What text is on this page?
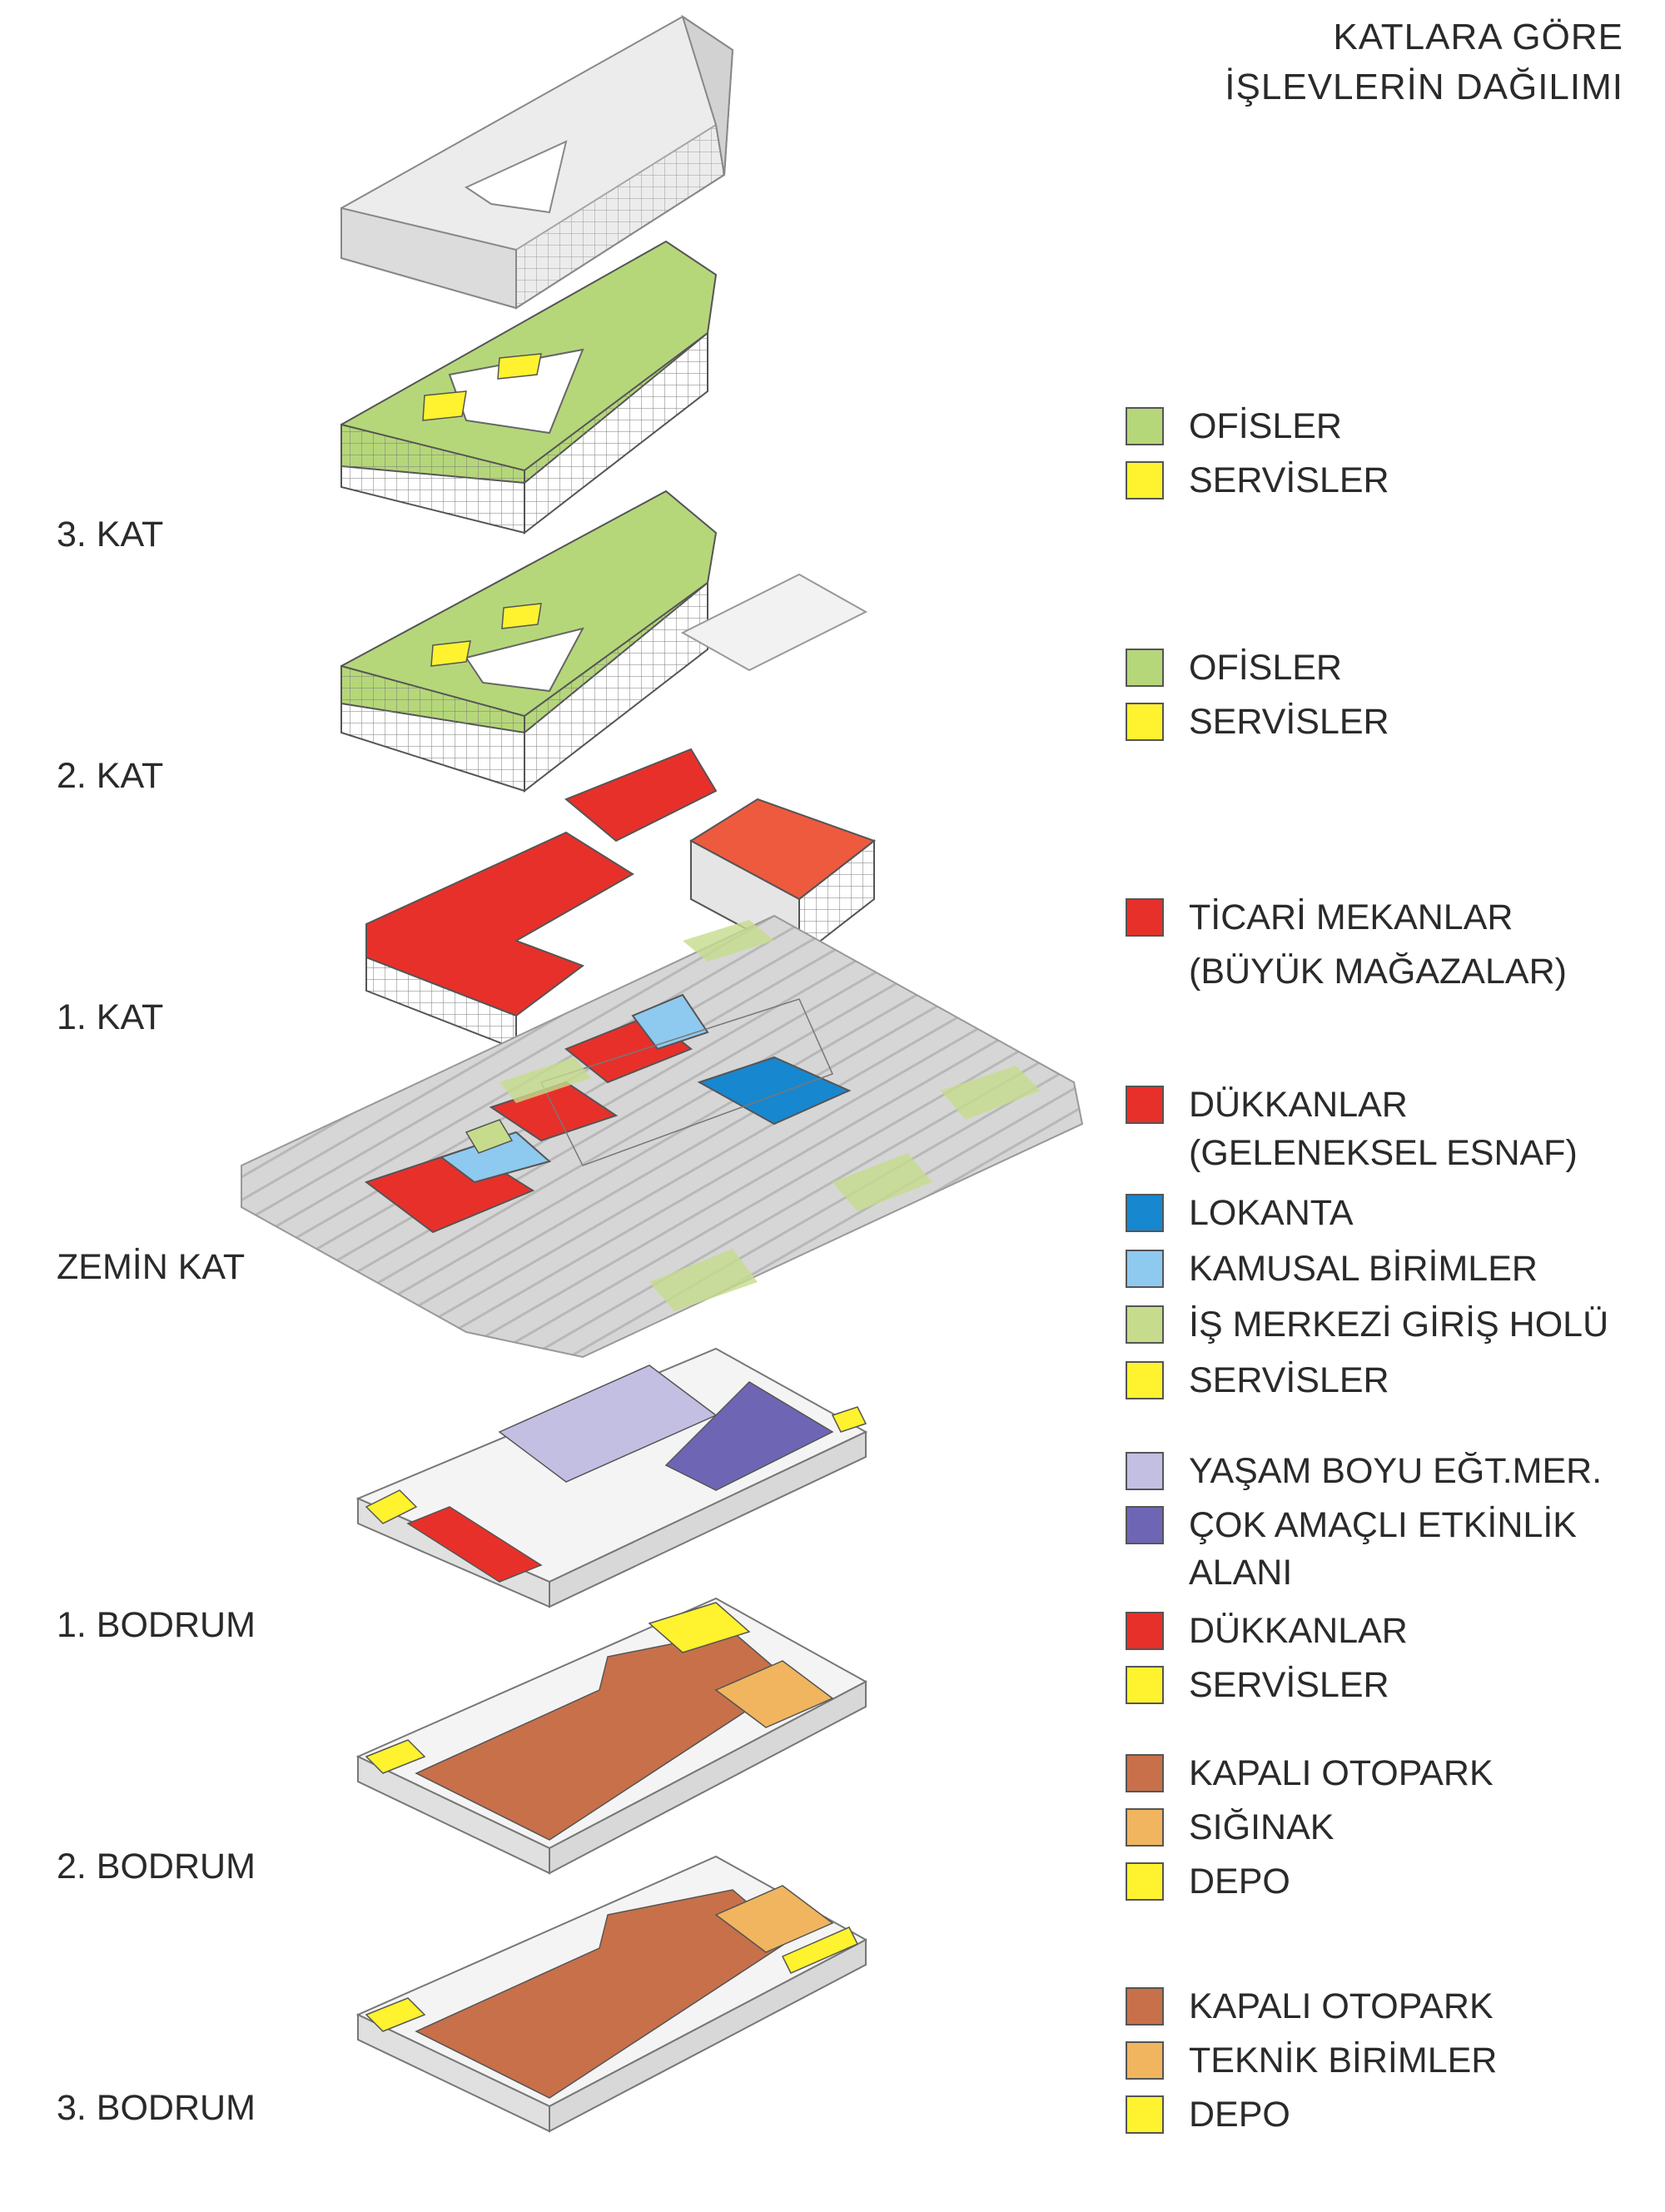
KATLARA GÖRE
İŞLEVLERİN DAĞILIMI
3. KAT
2. KAT
1. KAT
ZEMİN KAT
1. BODRUM
2. BODRUM
3. BODRUM
OFİSLER
SERVİSLER
OFİSLER
SERVİSLER
TİCARİ MEKANLAR
(BÜYÜK MAĞAZALAR)
DÜKKANLAR
(GELENEKSEL ESNAF)
LOKANTA
KAMUSAL BİRİMLER
İŞ MERKEZİ GİRİŞ HOLÜ
SERVİSLER
YAŞAM BOYU EĞT.MER.
ÇOK AMAÇLI ETKİNLİK
ALANI
DÜKKANLAR
SERVİSLER
KAPALI OTOPARK
SIĞINAK
DEPO
KAPALI OTOPARK
TEKNİK BİRİMLER
DEPO
